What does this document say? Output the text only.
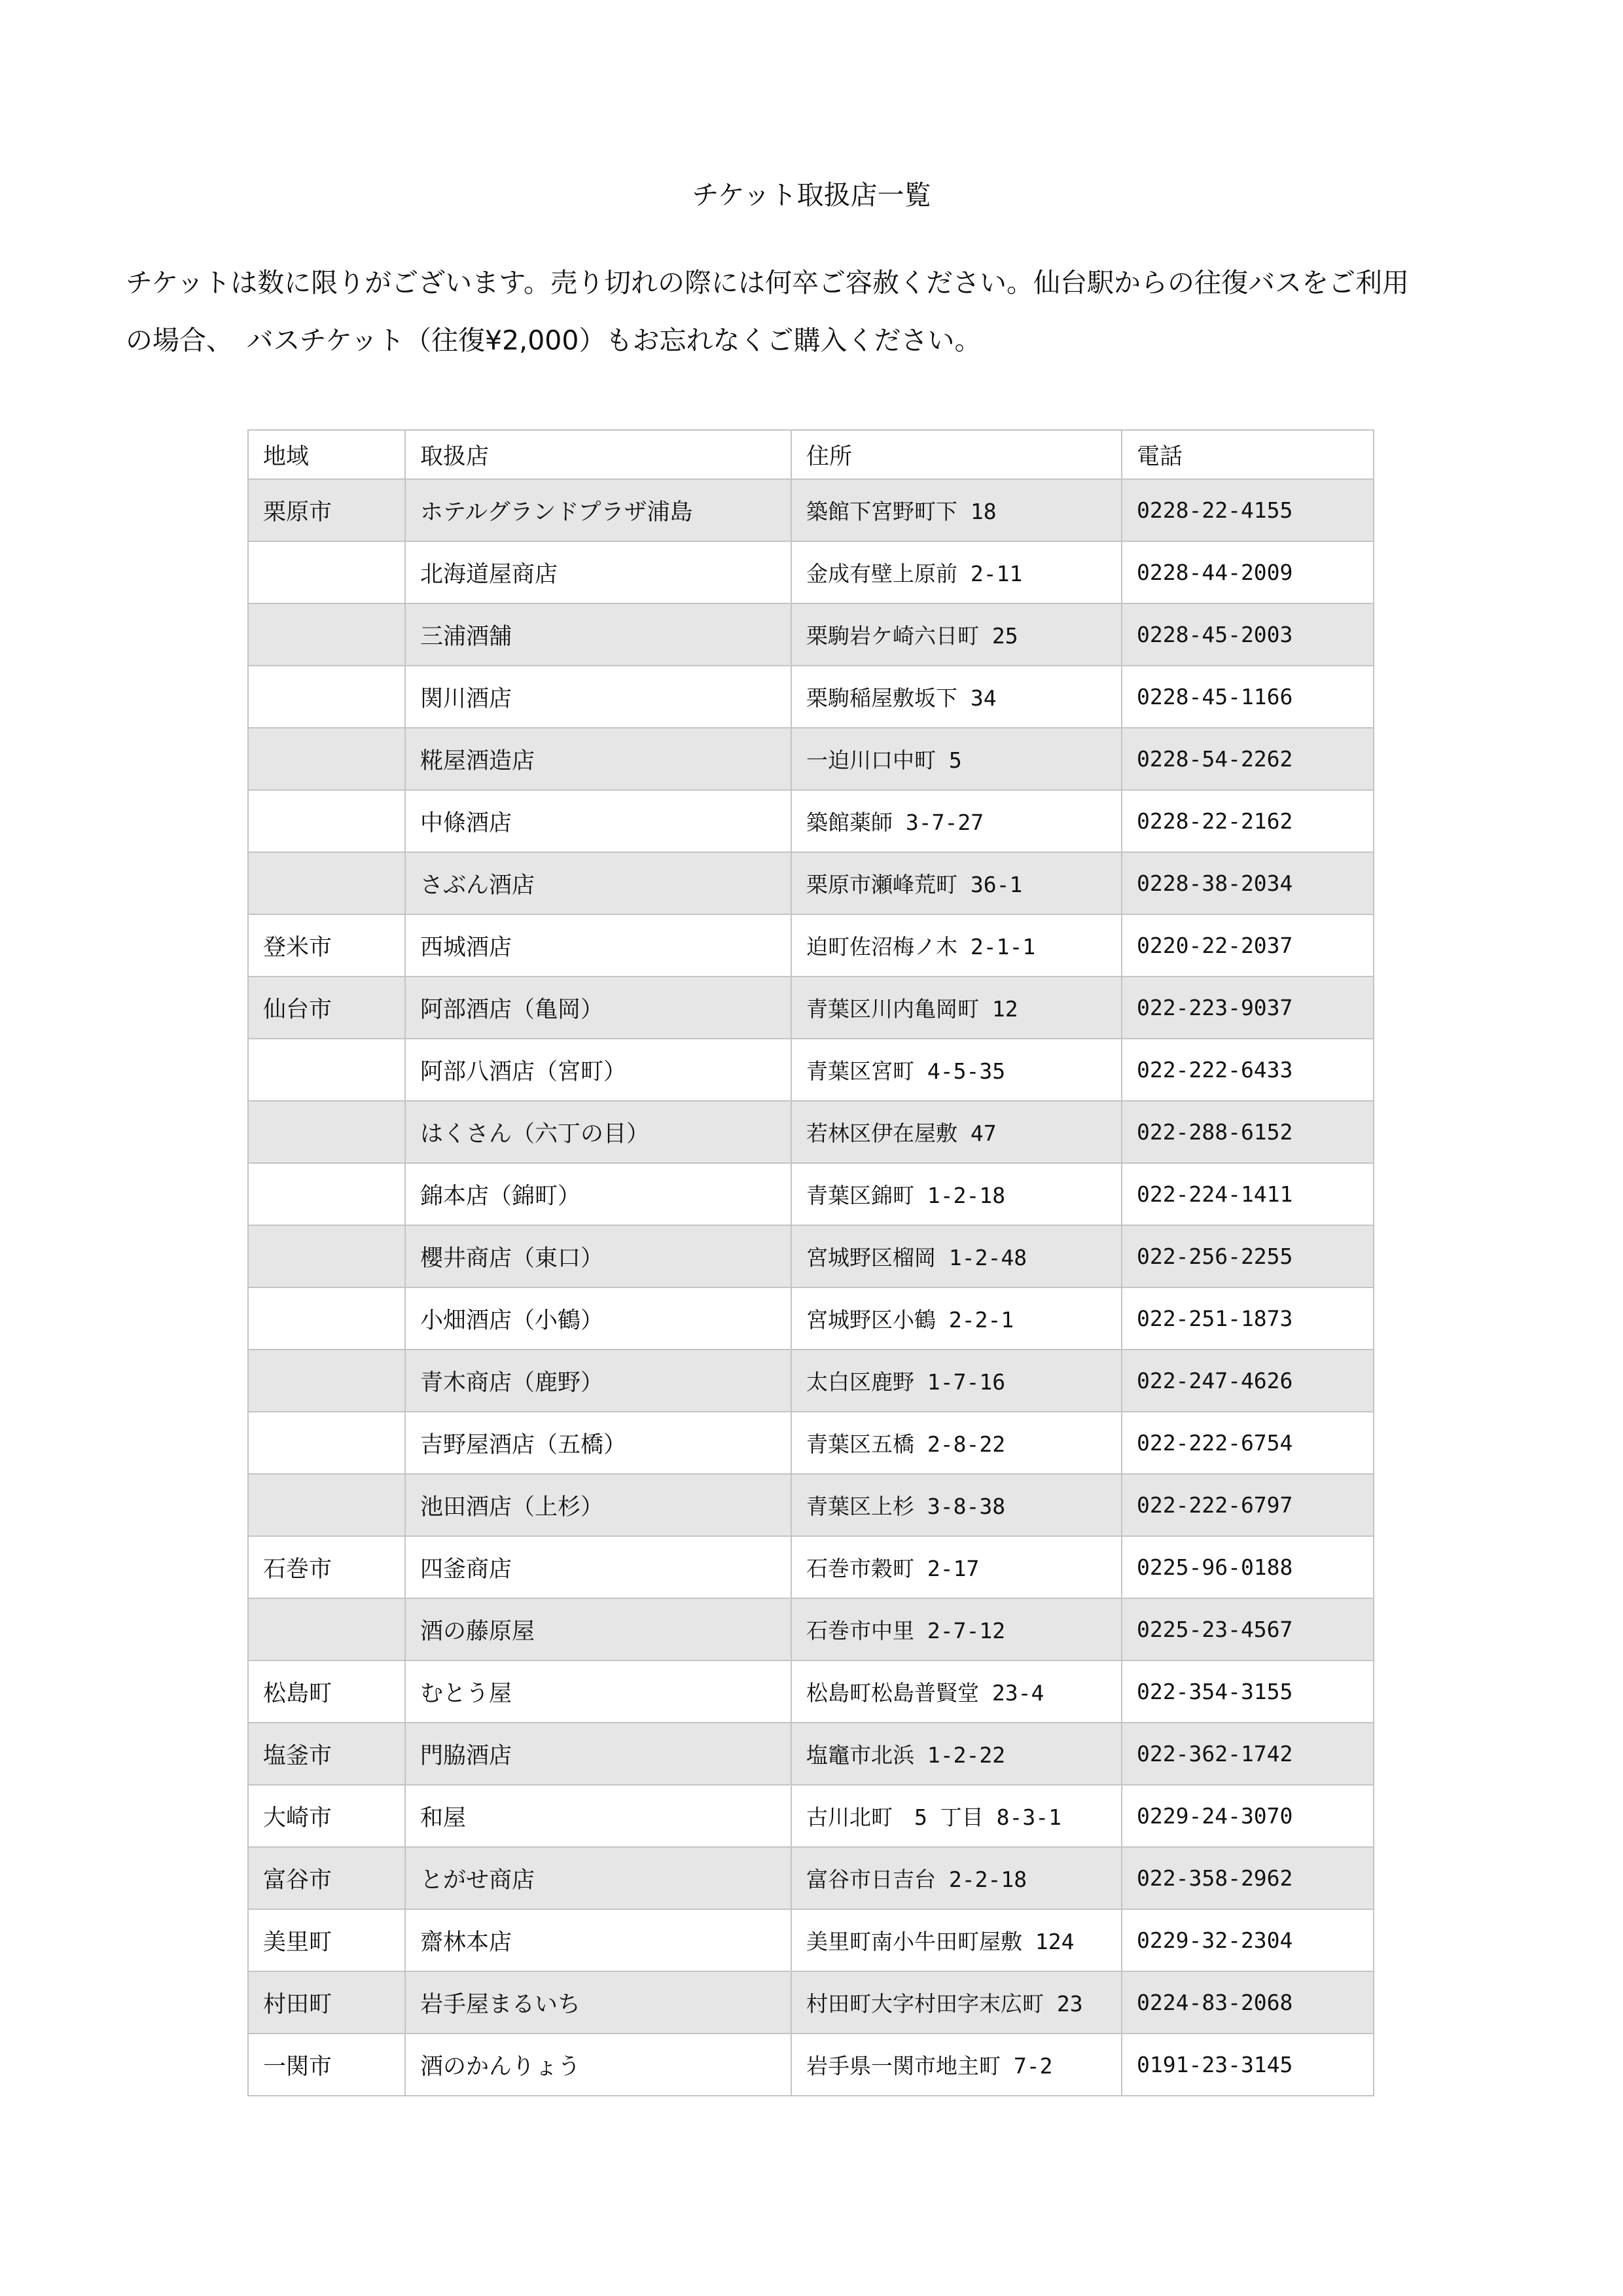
チケット取扱店一覧

チケットは数に限りがございます。売り切れの際には何卒ご容赦ください。仙台駅からの往復バスをご利用

の場合、　バスチケット（往復¥2,000）もお忘れなくご購入ください。

地域	取扱店	住所	電話
栗原市	ホテルグランドプラザ浦島	築館下宮野町下 18	0228-22-4155
	北海道屋商店	金成有壁上原前 2-11	0228-44-2009
	三浦酒舗	栗駒岩ケ崎六日町 25	0228-45-2003
	関川酒店	栗駒稲屋敷坂下 34	0228-45-1166
	糀屋酒造店	一迫川口中町 5	0228-54-2262
	中條酒店	築館薬師 3-7-27	0228-22-2162
	さぶん酒店	栗原市瀬峰荒町 36-1	0228-38-2034
登米市	西城酒店	迫町佐沼梅ノ木 2-1-1	0220-22-2037
仙台市	阿部酒店（亀岡）	青葉区川内亀岡町 12	022-223-9037
	阿部八酒店（宮町）	青葉区宮町 4-5-35	022-222-6433
	はくさん（六丁の目）	若林区伊在屋敷 47	022-288-6152
	錦本店（錦町）	青葉区錦町 1-2-18	022-224-1411
	櫻井商店（東口）	宮城野区榴岡 1-2-48	022-256-2255
	小畑酒店（小鶴）	宮城野区小鶴 2-2-1	022-251-1873
	青木商店（鹿野）	太白区鹿野 1-7-16	022-247-4626
	吉野屋酒店（五橋）	青葉区五橋 2-8-22	022-222-6754
	池田酒店（上杉）	青葉区上杉 3-8-38	022-222-6797
石巻市	四釜商店	石巻市穀町 2-17	0225-96-0188
	酒の藤原屋	石巻市中里 2-7-12	0225-23-4567
松島町	むとう屋	松島町松島普賢堂 23-4	022-354-3155
塩釜市	門脇酒店	塩竈市北浜 1-2-22	022-362-1742
大崎市	和屋	古川北町　5 丁目 8-3-1	0229-24-3070
富谷市	とがせ商店	富谷市日吉台 2-2-18	022-358-2962
美里町	齋林本店	美里町南小牛田町屋敷 124	0229-32-2304
村田町	岩手屋まるいち	村田町大字村田字末広町 23	0224-83-2068
一関市	酒のかんりょう	岩手県一関市地主町 7-2	0191-23-3145
